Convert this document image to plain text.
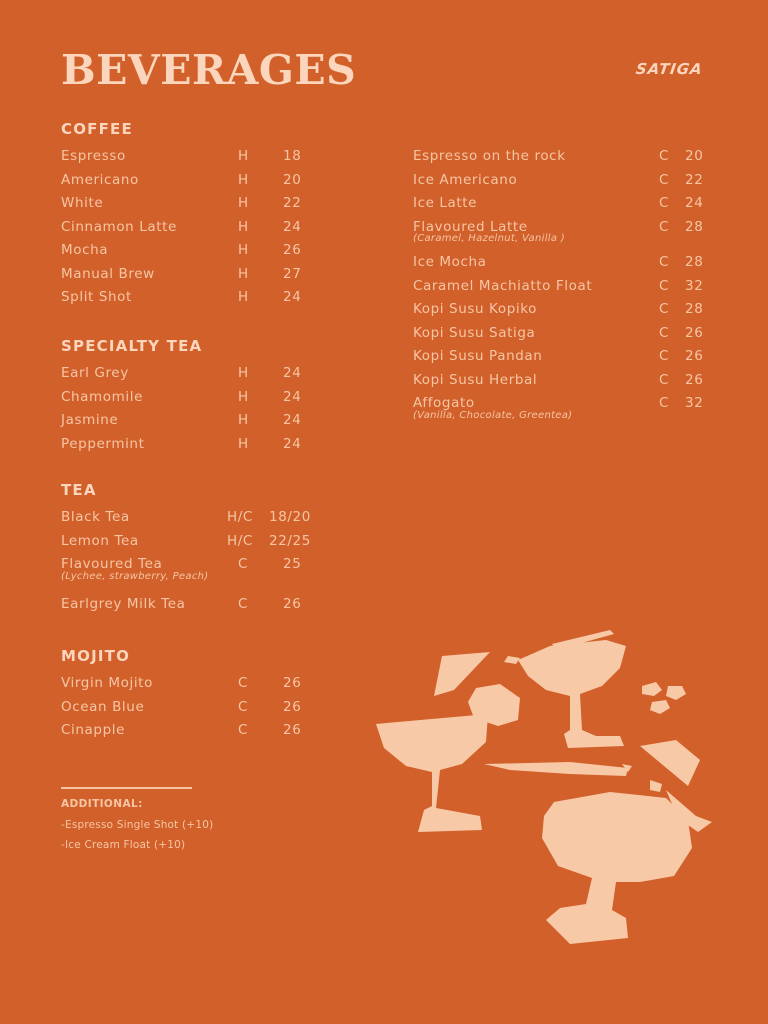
BEVERAGES	SATIGA
COFFEE
Espresso	H	18
Americano	H	20
White	H	22
Cinnamon Latte	H	24
Mocha	H	26
Manual Brew	H	27
Split Shot	H	24
Espresso on the rock	C 20
Ice Americano	C 22
Ice Latte	C 24
Flavoured Latte	C 28
(Caramel, Hazelnut, Vanilla )
Ice Mocha	C 28
Caramel Machiatto Float	C 32
Kopi Susu Kopiko	C 28
Kopi Susu Satiga	C 26
Kopi Susu Pandan	C 26
Kopi Susu Herbal	C 26
Affogato	C 32
(Vanilla, Chocolate, Greentea)
SPECIALTY TEA
Earl Grey	H	24
Chamomile	H	24
Jasmine	H	24
Peppermint	H	24
TEA
Black Tea	H/C 18/20
Lemon Tea	H/C 22/25
Flavoured Tea	C	25
(Lychee, strawberry, Peach)
Earlgrey Milk Tea	C	26
MOJITO
Virgin Mojito	C	26
Ocean Blue	C	26
Cinapple	C	26
ADDITIONAL:
-Espresso Single Shot (+10)
-Ice Cream Float (+10)
